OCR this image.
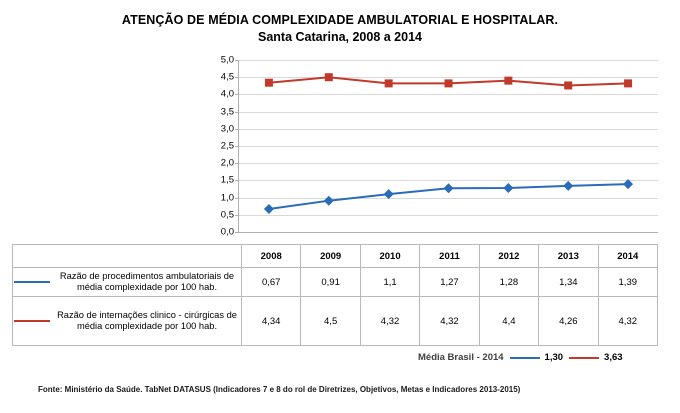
ATENÇÃO DE MÉDIA COMPLEXIDADE AMBULATORIAL E HOSPITALAR.
Santa Catarina, 2008 a 2014
0,0
0,5
1,0
1,5
2,0
2,5
3,0
3,5
4,0
4,5
5,0
	2008	2009	2010	2011	2012	2013	2014

Razão de procedimentos ambulatoriais de média complexidade por 100 hab.	0,67	0,91	1,1	1,27	1,28	1,34	1,39

Razão de internações clinico - cirúrgicas de média complexidade por 100 hab.	4,34	4,5	4,32	4,32	4,4	4,26	4,32
Média Brasil - 2014	1,30	3,63
Fonte: Ministério da Saúde. TabNet DATASUS (Indicadores 7 e 8 do rol de Diretrizes, Objetivos, Metas e Indicadores 2013-2015)
